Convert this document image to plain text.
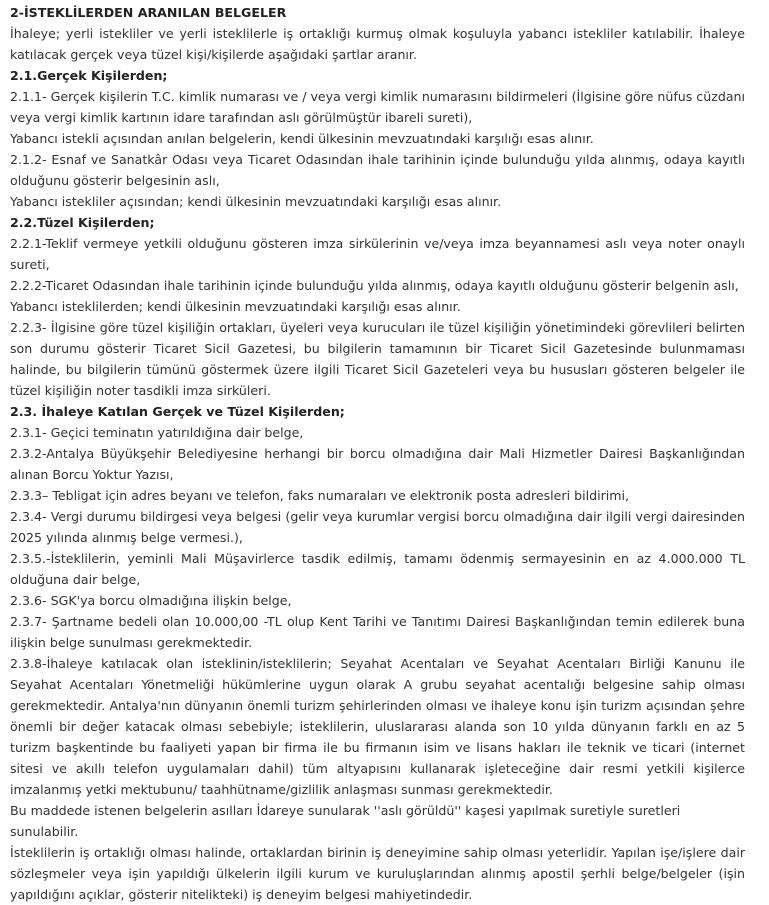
2-İSTEKLİLERDEN ARANILAN BELGELER

İhaleye; yerli istekliler ve yerli isteklilerle iş ortaklığı kurmuş olmak koşuluyla yabancı istekliler katılabilir. İhaleye katılacak gerçek veya tüzel kişi/kişilerde aşağıdaki şartlar aranır.

2.1.Gerçek Kişilerden;

2.1.1- Gerçek kişilerin T.C. kimlik numarası ve / veya vergi kimlik numarasını bildirmeleri (İlgisine göre nüfus cüzdanı veya vergi kimlik kartının idare tarafından aslı görülmüştür ibareli sureti),

Yabancı istekli açısından anılan belgelerin, kendi ülkesinin mevzuatındaki karşılığı esas alınır.

2.1.2- Esnaf ve Sanatkâr Odası veya Ticaret Odasından ihale tarihinin içinde bulunduğu yılda alınmış, odaya kayıtlı olduğunu gösterir belgesinin aslı,

Yabancı istekliler açısından; kendi ülkesinin mevzuatındaki karşılığı esas alınır.

2.2.Tüzel Kişilerden;

2.2.1-Teklif vermeye yetkili olduğunu gösteren imza sirkülerinin ve/veya imza beyannamesi aslı veya noter onaylı sureti,

2.2.2-Ticaret Odasından ihale tarihinin içinde bulunduğu yılda alınmış, odaya kayıtlı olduğunu gösterir belgenin aslı,

Yabancı isteklilerden; kendi ülkesinin mevzuatındaki karşılığı esas alınır.

2.2.3- İlgisine göre tüzel kişiliğin ortakları, üyeleri veya kurucuları ile tüzel kişiliğin yönetimindeki görevlileri belirten son durumu gösterir Ticaret Sicil Gazetesi, bu bilgilerin tamamının bir Ticaret Sicil Gazetesinde bulunmaması halinde, bu bilgilerin tümünü göstermek üzere ilgili Ticaret Sicil Gazeteleri veya bu hususları gösteren belgeler ile tüzel kişiliğin noter tasdikli imza sirküleri.

2.3. İhaleye Katılan Gerçek ve Tüzel Kişilerden;

2.3.1- Geçici teminatın yatırıldığına dair belge,

2.3.2-Antalya Büyükşehir Belediyesine herhangi bir borcu olmadığına dair Mali Hizmetler Dairesi Başkanlığından alınan Borcu Yoktur Yazısı,

2.3.3– Tebligat için adres beyanı ve telefon, faks numaraları ve elektronik posta adresleri bildirimi,

2.3.4- Vergi durumu bildirgesi veya belgesi (gelir veya kurumlar vergisi borcu olmadığına dair ilgili vergi dairesinden 2025 yılında alınmış belge vermesi.),

2.3.5.-İsteklilerin, yeminli Mali Müşavirlerce tasdik edilmiş, tamamı ödenmiş sermayesinin en az 4.000.000 TL olduğuna dair belge,

2.3.6- SGK'ya borcu olmadığına ilişkin belge,

2.3.7- Şartname bedeli olan 10.000,00 -TL olup Kent Tarihi ve Tanıtımı Dairesi Başkanlığından temin edilerek buna ilişkin belge sunulması gerekmektedir.

2.3.8-İhaleye katılacak olan isteklinin/isteklilerin; Seyahat Acentaları ve Seyahat Acentaları Birliği Kanunu ile Seyahat Acentaları Yönetmeliği hükümlerine uygun olarak A grubu seyahat acentalığı belgesine sahip olması gerekmektedir. Antalya'nın dünyanın önemli turizm şehirlerinden olması ve ihaleye konu işin turizm açısından şehre önemli bir değer katacak olması sebebiyle; isteklilerin, uluslararası alanda son 10 yılda dünyanın farklı en az 5 turizm başkentinde bu faaliyeti yapan bir firma ile bu firmanın isim ve lisans hakları ile teknik ve ticari (internet sitesi ve akıllı telefon uygulamaları dahil) tüm altyapısını kullanarak işleteceğine dair resmi yetkili kişilerce imzalanmış yetki mektubunu/ taahhütname/gizlilik anlaşması sunması gerekmektedir.

Bu maddede istenen belgelerin asılları İdareye sunularak ''aslı görüldü'' kaşesi yapılmak suretiyle suretleri sunulabilir.

İsteklilerin iş ortaklığı olması halinde, ortaklardan birinin iş deneyimine sahip olması yeterlidir. Yapılan işe/işlere dair sözleşmeler veya işin yapıldığı ülkelerin ilgili kurum ve kuruluşlarından alınmış apostil şerhli belge/belgeler (işin yapıldığını açıklar, gösterir nitelikteki) iş deneyim belgesi mahiyetindedir.
